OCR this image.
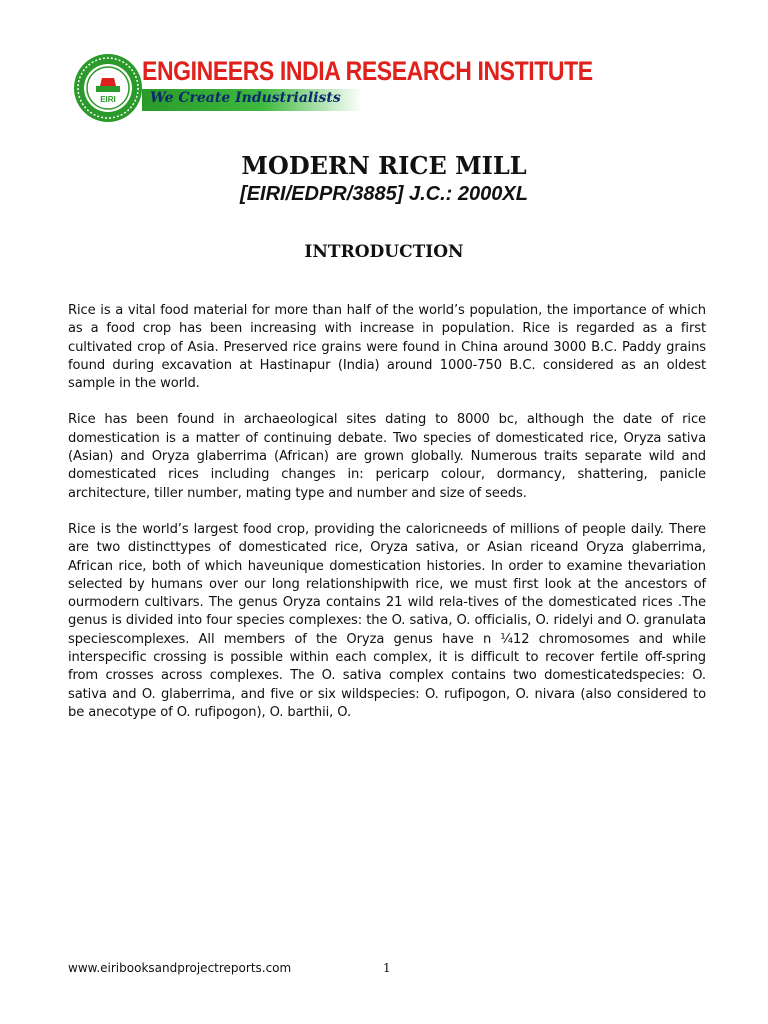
EIRI
ENGINEERS INDIA RESEARCH INSTITUTE
We Create Industrialists
MODERN RICE MILL
[EIRI/EDPR/3885] J.C.: 2000XL
INTRODUCTION

Rice is a vital food material for more than half of the world’s population, the importance of which as a food crop has been increasing with increase in population. Rice is regarded as a first cultivated crop of Asia. Preserved rice grains were found in China around 3000 B.C. Paddy grains found during excavation at Hastinapur (India) around 1000-750 B.C. considered as an oldest sample in the world.

Rice has been found in archaeological sites dating to 8000 bc, although the date of rice domestication is a matter of continuing debate. Two species of domesticated rice, Oryza sativa (Asian) and Oryza glaberrima (African) are grown globally. Numerous traits separate wild and domesticated rices including changes in: pericarp colour, dormancy, shattering, panicle architecture, tiller number, mating type and number and size of seeds.

Rice is the world’s largest food crop, providing the caloricneeds of millions of people daily. There are two distincttypes of domesticated rice, Oryza sativa, or Asian riceand Oryza glaberrima, African rice, both of which haveunique domestication histories. In order to examine thevariation selected by humans over our long relationshipwith rice, we must first look at the ancestors of ourmodern cultivars. The genus Oryza contains 21 wild rela-tives of the domesticated rices .The genus is divided into four species complexes: the O. sativa, O. officialis, O. ridelyi and O. granulata speciescomplexes. All members of the Oryza genus have n ¼12 chromosomes and while interspecific crossing is possible within each complex, it is difficult to recover fertile off-spring from crosses across complexes. The O. sativa complex contains two domesticatedspecies: O. sativa and O. glaberrima, and five or six wildspecies: O. rufipogon, O. nivara (also considered to be anecotype of O. rufipogon), O. barthii, O.

www.eiribooksandprojectreports.com	1
